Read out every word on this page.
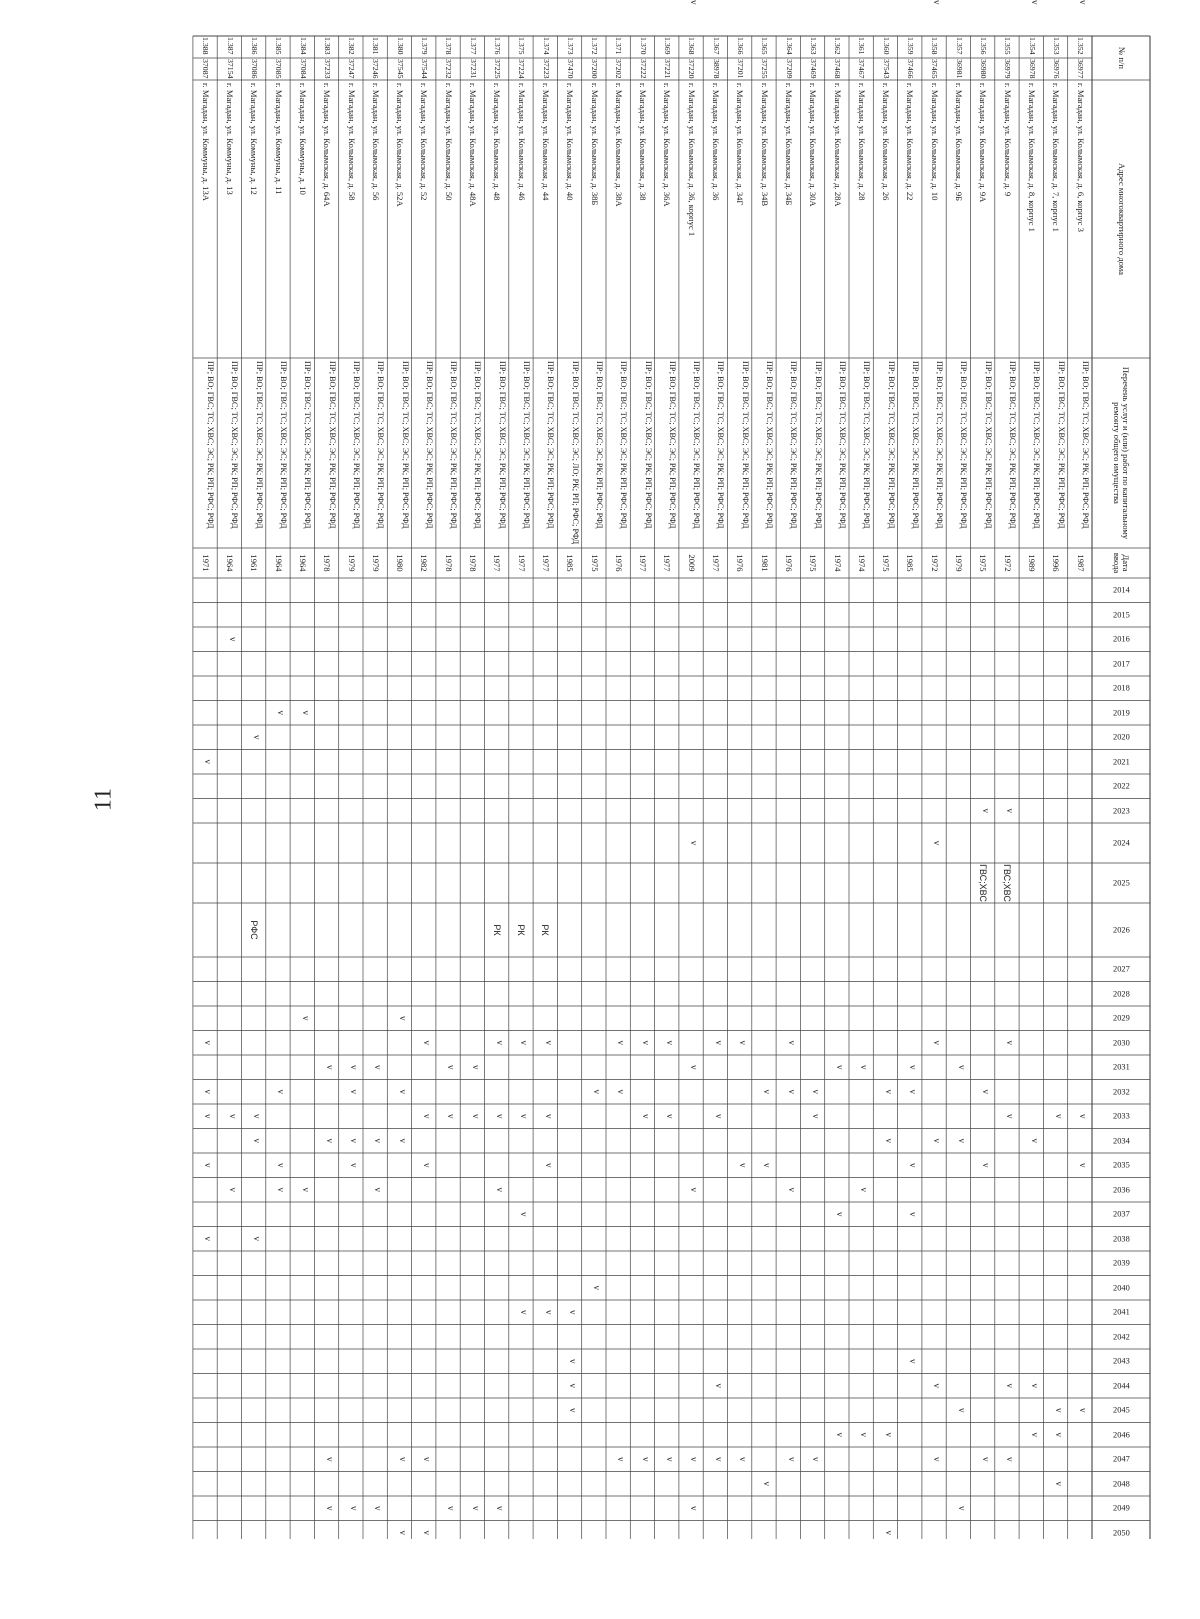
11
№ п/п
Адрес многоквартирного дома
Перечень услуг и (или) работ по капитальному ремонту общего имущества
Дата ввода
2014
2015
2016
2017
2018
2019
2020
2021
2022
2023
2024
2025
2026
2027
2028
2029
2030
2031
2032
2033
2034
2035
2036
2037
2038
2039
2040
2041
2042
2043
2044
2045
2046
2047
2048
2049
2050
1.352
36977
г. Магадан, ул. Колымская, д. 6, корпус 3
ПР; ВО; ГВС; ТС; ХВС; ЭС; РК; РП; РФС; РФД
1987
v
v
v
v
1.353
36976
г. Магадан, ул. Колымская, д. 7, корпус 1
ПР; ВО; ГВС; ТС; ХВС; ЭС; РК; РП; РФС; РФД
1996
v
v
v
v
1.354
36978
г. Магадан, ул. Колымская, д. 8, корпус 1
ПР; ВО; ГВС; ТС; ХВС; ЭС; РК; РП; РФС; РФД
1989
v
v
v
v
1.355
36979
г. Магадан, ул. Колымская, д. 9
ПР; ВО; ГВС; ТС; ХВС; ЭС; РК; РП; РФС; РФД
1972
v
v
v
v
v
ГВС;ХВС
1.356
36980
г. Магадан, ул. Колымская, д. 9А
ПР; ВО; ГВС; ТС; ХВС; ЭС; РК; РП; РФС; РФД
1975
v
v
v
v
ГВС;ХВС
1.357
36981
г. Магадан, ул. Колымская, д. 9Б
ПР; ВО; ГВС; ТС; ХВС; ЭС; РК; РП; РФС; РФД
1979
v
v
v
v
1.358
37465
г. Магадан, ул. Колымская, д. 10
ПР; ВО; ГВС; ТС; ХВС; ЭС; РК; РП; РФС; РФД
1972
v
v
v
v
v
v
1.359
37466
г. Магадан, ул. Колымская, д. 22
ПР; ВО; ГВС; ТС; ХВС; ЭС; РК; РП; РФС; РФД
1985
v
v
v
v
v
1.360
37543
г. Магадан, ул. Колымская, д. 26
ПР; ВО; ГВС; ТС; ХВС; ЭС; РК; РП; РФС; РФД
1975
v
v
v
v
1.361
37467
г. Магадан, ул. Колымская, д. 28
ПР; ВО; ГВС; ТС; ХВС; ЭС; РК; РП; РФС; РФД
1974
v
v
v
1.362
37468
г. Магадан, ул. Колымская, д. 28А
ПР; ВО; ГВС; ТС; ХВС; ЭС; РК; РП; РФС; РФД
1974
v
v
v
1.363
37469
г. Магадан, ул. Колымская, д. 30А
ПР; ВО; ГВС; ТС; ХВС; ЭС; РК; РП; РФС; РФД
1975
v
v
v
1.364
37209
г. Магадан, ул. Колымская, д. 34Б
ПР; ВО; ГВС; ТС; ХВС; ЭС; РК; РП; РФС; РФД
1976
v
v
v
v
1.365
37255
г. Магадан, ул. Колымская, д. 34В
ПР; ВО; ГВС; ТС; ХВС; ЭС; РК; РП; РФС; РФД
1981
v
v
v
1.366
37201
г. Магадан, ул. Колымская, д. 34Г
ПР; ВО; ГВС; ТС; ХВС; ЭС; РК; РП; РФС; РФД
1976
v
v
v
1.367
38978
г. Магадан, ул. Колымская, д. 36
ПР; ВО; ГВС; ТС; ХВС; ЭС; РК; РП; РФС; РФД
1977
v
v
v
v
1.368
37220
г. Магадан, ул. Колымская, д. 36, корпус 1
ПР; ВО; ГВС; ТС; ХВС; ЭС; РК; РП; РФС; РФД
2009
v
v
v
v
v
v
1.369
37221
г. Магадан, ул. Колымская, д. 36А
ПР; ВО; ГВС; ТС; ХВС; ЭС; РК; РП; РФС; РФД
1977
v
v
v
1.370
37222
г. Магадан, ул. Колымская, д. 38
ПР; ВО; ГВС; ТС; ХВС; ЭС; РК; РП; РФС; РФД
1977
v
v
v
1.371
37202
г. Магадан, ул. Колымская, д. 38А
ПР; ВО; ГВС; ТС; ХВС; ЭС; РК; РП; РФС; РФД
1976
v
v
v
1.372
37200
г. Магадан, ул. Колымская, д. 38Б
ПР; ВО; ГВС; ТС; ХВС; ЭС; РК; РП; РФС; РФД
1975
v
v
1.373
37470
г. Магадан, ул. Колымская, д. 40
ПР; ВО; ГВС; ТС; ХВС; ЭС; ЛО; РК; РП; РФС; РФД
1985
v
v
v
v
1.374
37223
г. Магадан, ул. Колымская, д. 44
ПР; ВО; ГВС; ТС; ХВС; ЭС; РК; РП; РФС; РФД
1977
v
v
v
v
РК
1.375
37224
г. Магадан, ул. Колымская, д. 46
ПР; ВО; ГВС; ТС; ХВС; ЭС; РК; РП; РФС; РФД
1977
v
v
v
v
РК
1.376
37225
г. Магадан, ул. Колымская, д. 48
ПР; ВО; ГВС; ТС; ХВС; ЭС; РК; РП; РФС; РФД
1977
v
v
v
v
РК
1.377
37231
г. Магадан, ул. Колымская, д. 48А
ПР; ВО; ГВС; ТС; ХВС; ЭС; РК; РП; РФС; РФД
1978
v
v
v
1.378
37232
г. Магадан, ул. Колымская, д. 50
ПР; ВО; ГВС; ТС; ХВС; ЭС; РК; РП; РФС; РФД
1978
v
v
v
1.379
37544
г. Магадан, ул. Колымская, д. 52
ПР; ВО; ГВС; ТС; ХВС; ЭС; РК; РП; РФС; РФД
1982
v
v
v
v
v
1.380
37545
г. Магадан, ул. Колымская, д. 52А
ПР; ВО; ГВС; ТС; ХВС; ЭС; РК; РП; РФС; РФД
1980
v
v
v
v
v
1.381
37246
г. Магадан, ул. Колымская, д. 56
ПР; ВО; ГВС; ТС; ХВС; ЭС; РК; РП; РФС; РФД
1979
v
v
v
v
1.382
37247
г. Магадан, ул. Колымская, д. 58
ПР; ВО; ГВС; ТС; ХВС; ЭС; РК; РП; РФС; РФД
1979
v
v
v
v
v
1.383
37233
г. Магадан, ул. Колымская, д. 64А
ПР; ВО; ГВС; ТС; ХВС; ЭС; РК; РП; РФС; РФД
1978
v
v
v
v
1.384
37084
г. Магадан, ул. Коммуны, д. 10
ПР; ВО; ГВС; ТС; ХВС; ЭС; РК; РП; РФС; РФД
1964
v
v
v
1.385
37085
г. Магадан, ул. Коммуны, д. 11
ПР; ВО; ГВС; ТС; ХВС; ЭС; РК; РП; РФС; РФД
1964
v
v
v
v
1.386
37086
г. Магадан, ул. Коммуны, д. 12
ПР; ВО; ГВС; ТС; ХВС; ЭС; РК; РП; РФС; РФД
1961
v
v
v
v
РФС
1.387
37154
г. Магадан, ул. Коммуны, д. 13
ПР; ВО; ГВС; ТС; ХВС; ЭС; РК; РП; РФС; РФД
1964
v
v
v
1.388
37087
г. Магадан, ул. Коммуны, д. 13А
ПР; ВО; ГВС; ТС; ХВС; ЭС; РК; РП; РФС; РФД
1971
v
v
v
v
v
v
